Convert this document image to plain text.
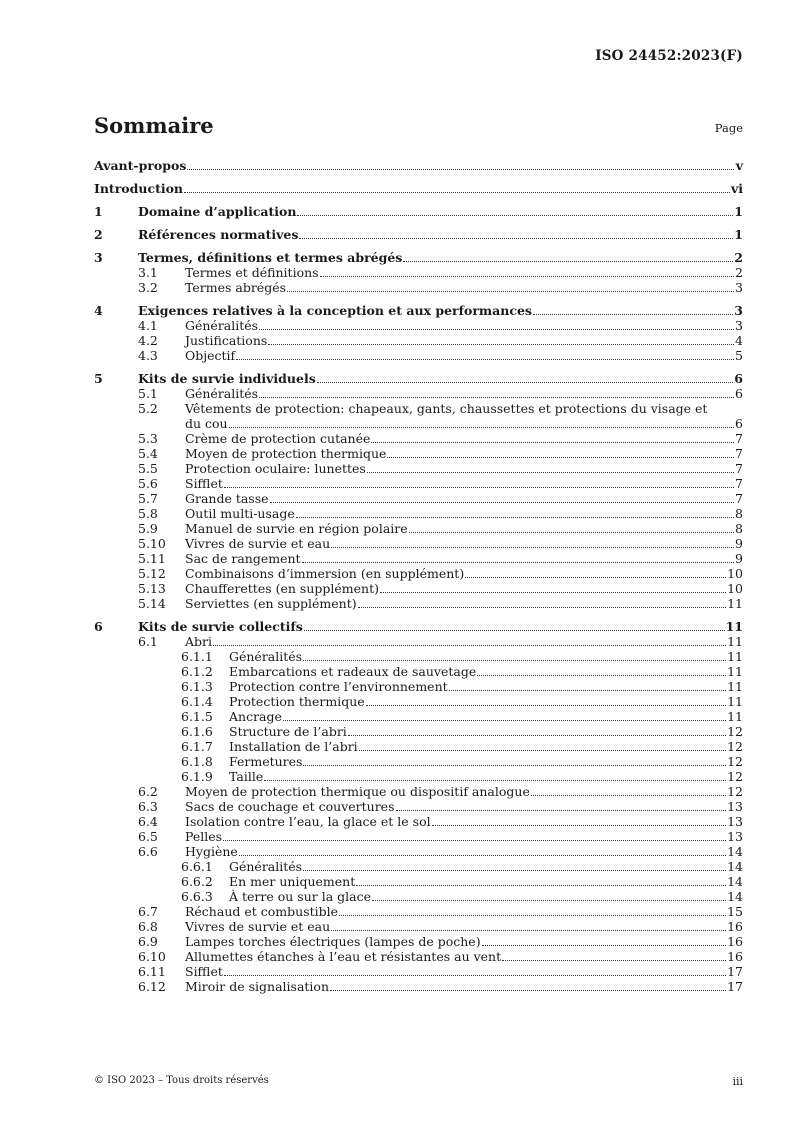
ISO 24452:2023(F)
Sommaire	Page
Avant-propos	v
Introduction	vi
1	Domaine d’application	1
2	Références normatives	1
3	Termes, définitions et termes abrégés	2
3.1	Termes et définitions	2
3.2	Termes abrégés	3
4	Exigences relatives à la conception et aux performances	3
4.1	Généralités	3
4.2	Justifications	4
4.3	Objectif	5
5	Kits de survie individuels	6
5.1	Généralités	6
5.2	Vêtements de protection: chapeaux, gants, chaussettes et protections du visage et
du cou	6
5.3	Crème de protection cutanée	7
5.4	Moyen de protection thermique	7
5.5	Protection oculaire: lunettes	7
5.6	Sifflet	7
5.7	Grande tasse	7
5.8	Outil multi-usage	8
5.9	Manuel de survie en région polaire	8
5.10	Vivres de survie et eau	9
5.11	Sac de rangement	9
5.12	Combinaisons d’immersion (en supplément)	10
5.13	Chaufferettes (en supplément)	10
5.14	Serviettes (en supplément)	11
6	Kits de survie collectifs	11
6.1	Abri	11
6.1.1	Généralités	11
6.1.2	Embarcations et radeaux de sauvetage	11
6.1.3	Protection contre l’environnement	11
6.1.4	Protection thermique	11
6.1.5	Ancrage	11
6.1.6	Structure de l’abri	12
6.1.7	Installation de l’abri	12
6.1.8	Fermetures	12
6.1.9	Taille	12
6.2	Moyen de protection thermique ou dispositif analogue	12
6.3	Sacs de couchage et couvertures	13
6.4	Isolation contre l’eau, la glace et le sol	13
6.5	Pelles	13
6.6	Hygiène	14
6.6.1	Généralités	14
6.6.2	En mer uniquement	14
6.6.3	À terre ou sur la glace	14
6.7	Réchaud et combustible	15
6.8	Vivres de survie et eau	16
6.9	Lampes torches électriques (lampes de poche)	16
6.10	Allumettes étanches à l’eau et résistantes au vent	16
6.11	Sifflet	17
6.12	Miroir de signalisation	17
© ISO 2023 – Tous droits réservés	iii
